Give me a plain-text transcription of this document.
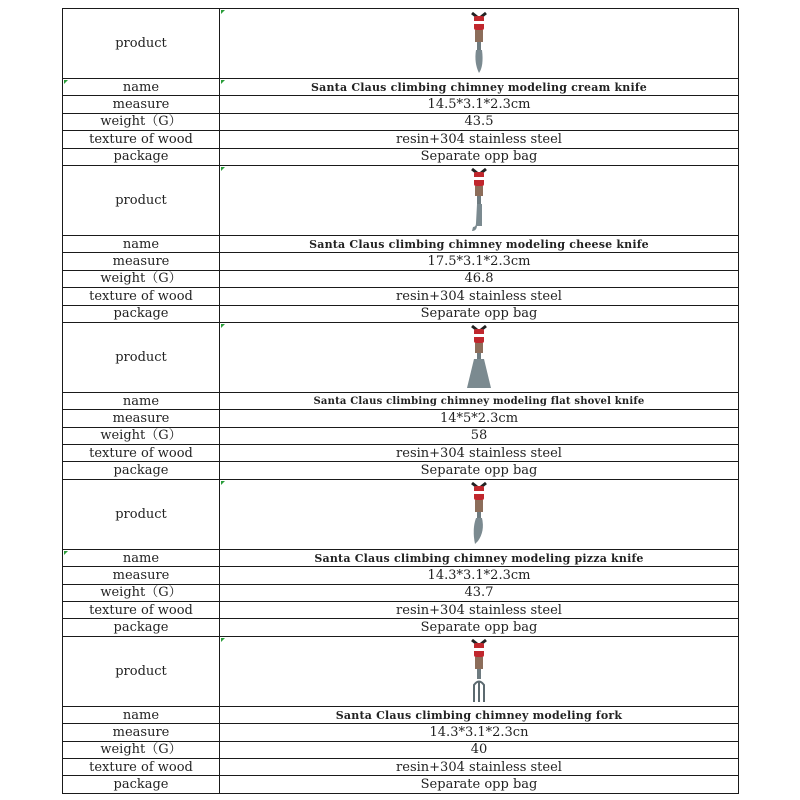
product	

name	Santa Claus climbing chimney modeling cream knife
measure	14.5*3.1*2.3cm
weight（G）	43.5
texture of wood	resin+304 stainless steel
package	Separate opp bag
product	

name	Santa Claus climbing chimney modeling cheese knife
measure	17.5*3.1*2.3cm
weight（G）	46.8
texture of wood	resin+304 stainless steel
package	Separate opp bag
product	

name	Santa Claus climbing chimney modeling flat shovel knife
measure	14*5*2.3cm
weight（G）	58
texture of wood	resin+304 stainless steel
package	Separate opp bag
product	

name	Santa Claus climbing chimney modeling pizza knife
measure	14.3*3.1*2.3cm
weight（G）	43.7
texture of wood	resin+304 stainless steel
package	Separate opp bag
product	

name	Santa Claus climbing chimney modeling fork
measure	14.3*3.1*2.3cn
weight（G）	40
texture of wood	resin+304 stainless steel
package	Separate opp bag
